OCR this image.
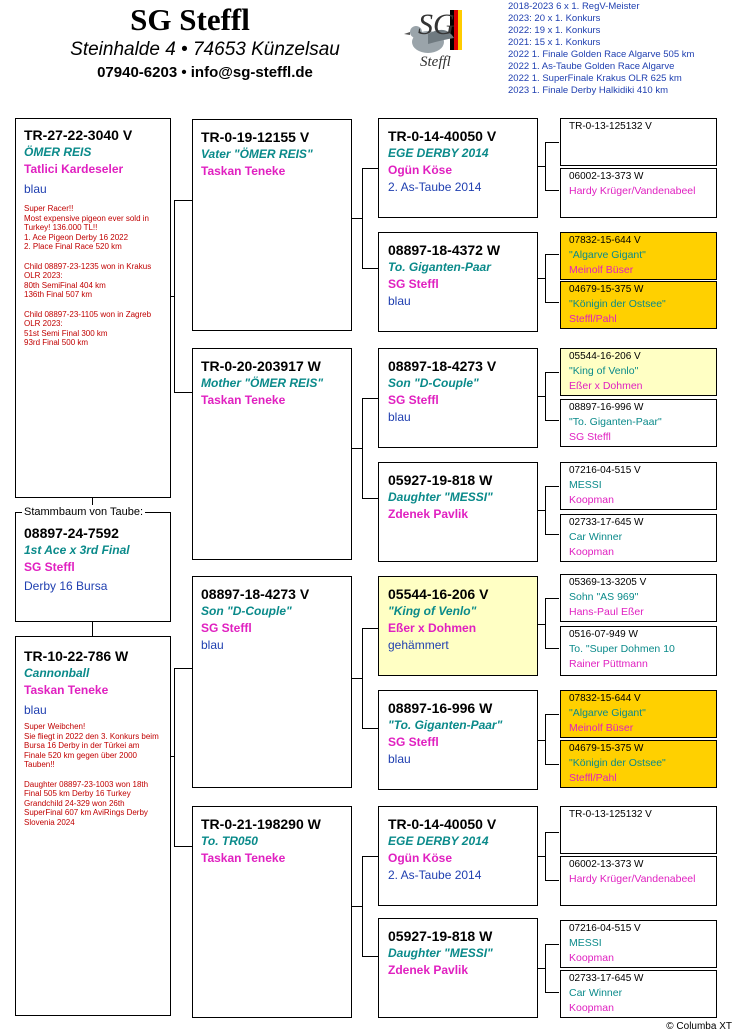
SG Steffl
Steinhalde 4 • 74653 Künzelsau
07940-6203 • info@sg-steffl.de
SG
Steffl
2018-2023 6 x 1. RegV-Meister
2023: 20 x 1. Konkurs
2022: 19 x 1. Konkurs
2021: 15 x 1. Konkurs
2022 1. Finale Golden Race Algarve 505 km
2022 1. As-Taube Golden Race Algarve
2022 1. SuperFinale Krakus OLR 625 km
2023 1. Finale Derby Halkidiki 410 km
TR-27-22-3040 V
ÖMER REIS
Tatlici Kardeseler
blau
Super Racer!!
Most expensive pigeon ever sold in Turkey! 136.000 TL!!
1. Ace Pigeon Derby 16 2022
2. Place Final Race 520 km

Child 08897-23-1235 won in Krakus OLR 2023:
80th SemiFinal 404 km
136th Final 507 km

Child 08897-23-1105 won in Zagreb OLR 2023:
51st Semi Final 300 km
93rd Final 500 km
08897-24-7592
1st Ace x 3rd Final
SG Steffl
Derby 16 Bursa
Stammbaum von Taube:
TR-10-22-786 W
Cannonball
Taskan Teneke
blau
Super Weibchen!
Sie fliegt in 2022 den 3. Konkurs beim Bursa 16 Derby in der Türkei am Finale 520 km gegen über 2000 Tauben!!

Daughter 08897-23-1003 won 18th Final 505 km Derby 16 Turkey
Grandchild 24-329 won 26th SuperFinal 607 km AviRings Derby Slovenia 2024
TR-0-19-12155 V
Vater "ÖMER REIS"
Taskan Teneke
TR-0-20-203917 W
Mother "ÖMER REIS"
Taskan Teneke
08897-18-4273 V
Son "D-Couple"
SG Steffl
blau
TR-0-21-198290 W
To. TR050
Taskan Teneke
TR-0-14-40050 V
EGE DERBY 2014
Ogün Köse
2. As-Taube 2014
08897-18-4372 W
To. Giganten-Paar
SG Steffl
blau
08897-18-4273 V
Son "D-Couple"
SG Steffl
blau
05927-19-818 W
Daughter "MESSI"
Zdenek Pavlik
05544-16-206 V
"King of Venlo"
Eßer x Dohmen
gehämmert
08897-16-996 W
"To. Giganten-Paar"
SG Steffl
blau
TR-0-14-40050 V
EGE DERBY 2014
Ogün Köse
2. As-Taube 2014
05927-19-818 W
Daughter "MESSI"
Zdenek Pavlik
TR-0-13-125132 V
06002-13-373 W
Hardy Krüger/Vandenabeel
07832-15-644 V
"Algarve Gigant"
Meinolf Büser
04679-15-375 W
"Königin der Ostsee"
Steffl/Pahl
05544-16-206 V
"King of Venlo"
Eßer x Dohmen
08897-16-996 W
"To. Giganten-Paar"
SG Steffl
07216-04-515 V
MESSI
Koopman
02733-17-645 W
Car Winner
Koopman
05369-13-3205 V
Sohn "AS 969"
Hans-Paul Eßer
0516-07-949 W
To. "Super Dohmen 10
Rainer Püttmann
07832-15-644 V
"Algarve Gigant"
Meinolf Büser
04679-15-375 W
"Königin der Ostsee"
Steffl/Pahl
TR-0-13-125132 V
06002-13-373 W
Hardy Krüger/Vandenabeel
07216-04-515 V
MESSI
Koopman
02733-17-645 W
Car Winner
Koopman
© Columba XT
